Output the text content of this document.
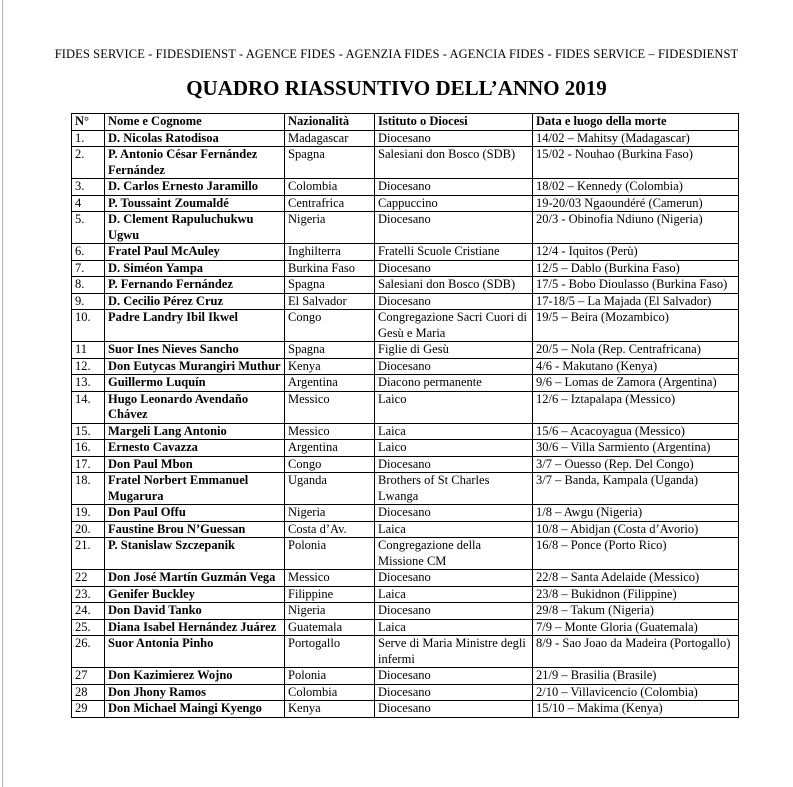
FIDES SERVICE - FIDESDIENST - AGENCE FIDES - AGENZIA FIDES - AGENCIA FIDES - FIDES SERVICE – FIDESDIENST
QUADRO RIASSUNTIVO DELL’ANNO 2019
N°	Nome e Cognome	Nazionalità	Istituto o Diocesi	Data e luogo della morte
1.	D. Nicolas Ratodisoa	Madagascar	Diocesano	14/02 – Mahitsy (Madagascar)
2.	P. Antonio César Fernández Fernández	Spagna	Salesiani don Bosco (SDB)	15/02 - Nouhao (Burkina Faso)
3.	D. Carlos Ernesto Jaramillo	Colombia	Diocesano	18/02 – Kennedy (Colombia)
4	P. Toussaint Zoumaldé	Centrafrica	Cappuccino	19-20/03 Ngaoundéré (Camerun)
5.	D. Clement Rapuluchukwu Ugwu	Nigeria	Diocesano	20/3 - Obinofia Ndiuno (Nigeria)
6.	Fratel Paul McAuley	Inghilterra	Fratelli Scuole Cristiane	12/4 - Iquitos (Perù)
7.	D. Siméon Yampa	Burkina Faso	Diocesano	12/5 – Dablo (Burkina Faso)
8.	P. Fernando Fernández	Spagna	Salesiani don Bosco (SDB)	17/5 - Bobo Dioulasso (Burkina Faso)
9.	D. Cecilio Pérez Cruz	El Salvador	Diocesano	17-18/5 – La Majada (El Salvador)
10.	Padre Landry Ibil Ikwel	Congo	Congregazione Sacri Cuori di Gesù e Maria	19/5 – Beira (Mozambico)
11	Suor Ines Nieves Sancho	Spagna	Figlie di Gesù	20/5 – Nola (Rep. Centrafricana)
12.	Don Eutycas Murangiri Muthur	Kenya	Diocesano	4/6 - Makutano (Kenya)
13.	Guillermo Luquín	Argentina	Diacono permanente	9/6 – Lomas de Zamora (Argentina)
14.	Hugo Leonardo Avendaño Chávez	Messico	Laico	12/6 – Iztapalapa (Messico)
15.	Margeli Lang Antonio	Messico	Laica	15/6 – Acacoyagua (Messico)
16.	Ernesto Cavazza	Argentina	Laico	30/6 – Villa Sarmiento (Argentina)
17.	Don Paul Mbon	Congo	Diocesano	3/7 – Ouesso (Rep. Del Congo)
18.	Fratel Norbert Emmanuel Mugarura	Uganda	Brothers of St Charles Lwanga	3/7 – Banda, Kampala (Uganda)
19.	Don Paul Offu	Nigeria	Diocesano	1/8 – Awgu (Nigeria)
20.	Faustine Brou N’Guessan	Costa d’Av.	Laica	10/8 – Abidjan (Costa d’Avorio)
21.	P. Stanislaw Szczepanik	Polonia	Congregazione della Missione CM	16/8 – Ponce (Porto Rico)
22	Don José Martín Guzmán Vega	Messico	Diocesano	22/8 – Santa Adelaide (Messico)
23.	Genifer Buckley	Filippine	Laica	23/8 – Bukidnon (Filippine)
24.	Don David Tanko	Nigeria	Diocesano	29/8 – Takum (Nigeria)
25.	Diana Isabel Hernández Juárez	Guatemala	Laica	7/9 – Monte Gloria (Guatemala)
26.	Suor Antonia Pinho	Portogallo	Serve di Maria Ministre degli infermi	8/9 - Sao Joao da Madeira (Portogallo)
27	Don Kazimierez Wojno	Polonia	Diocesano	21/9 – Brasilia (Brasile)
28	Don Jhony Ramos	Colombia	Diocesano	2/10 – Villavicencio (Colombia)
29	Don Michael Maingi Kyengo	Kenya	Diocesano	15/10 – Makima (Kenya)
